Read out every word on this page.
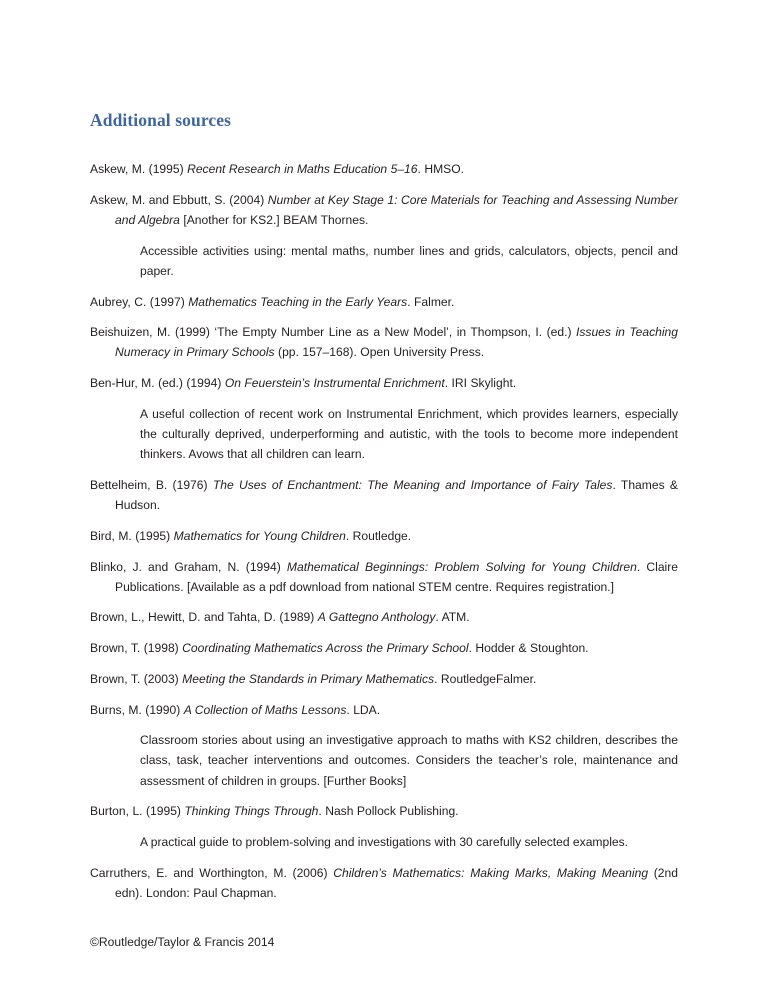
Additional sources

Askew, M. (1995) Recent Research in Maths Education 5–16. HMSO.

Askew, M. and Ebbutt, S. (2004) Number at Key Stage 1: Core Materials for Teaching and Assessing Number and Algebra [Another for KS2.] BEAM Thornes.

Accessible activities using: mental maths, number lines and grids, calculators, objects, pencil and paper.

Aubrey, C. (1997) Mathematics Teaching in the Early Years. Falmer.

Beishuizen, M. (1999) ‘The Empty Number Line as a New Model’, in Thompson, I. (ed.) Issues in Teaching Numeracy in Primary Schools (pp. 157–168). Open University Press.

Ben-Hur, M. (ed.) (1994) On Feuerstein’s Instrumental Enrichment. IRI Skylight.

A useful collection of recent work on Instrumental Enrichment, which provides learners, especially the culturally deprived, underperforming and autistic, with the tools to become more independent thinkers. Avows that all children can learn.

Bettelheim, B. (1976) The Uses of Enchantment: The Meaning and Importance of Fairy Tales. Thames & Hudson.

Bird, M. (1995) Mathematics for Young Children. Routledge.

Blinko, J. and Graham, N. (1994) Mathematical Beginnings: Problem Solving for Young Children. Claire Publications. [Available as a pdf download from national STEM centre. Requires registration.]

Brown, L., Hewitt, D. and Tahta, D. (1989) A Gattegno Anthology. ATM.

Brown, T. (1998) Coordinating Mathematics Across the Primary School. Hodder & Stoughton.

Brown, T. (2003) Meeting the Standards in Primary Mathematics. RoutledgeFalmer.

Burns, M. (1990) A Collection of Maths Lessons. LDA.

Classroom stories about using an investigative approach to maths with KS2 children, describes the class, task, teacher interventions and outcomes. Considers the teacher’s role, maintenance and assessment of children in groups. [Further Books]

Burton, L. (1995) Thinking Things Through. Nash Pollock Publishing.

A practical guide to problem-solving and investigations with 30 carefully selected examples.

Carruthers, E. and Worthington, M. (2006) Children’s Mathematics: Making Marks, Making Meaning (2nd edn). London: Paul Chapman.

©Routledge/Taylor & Francis 2014
